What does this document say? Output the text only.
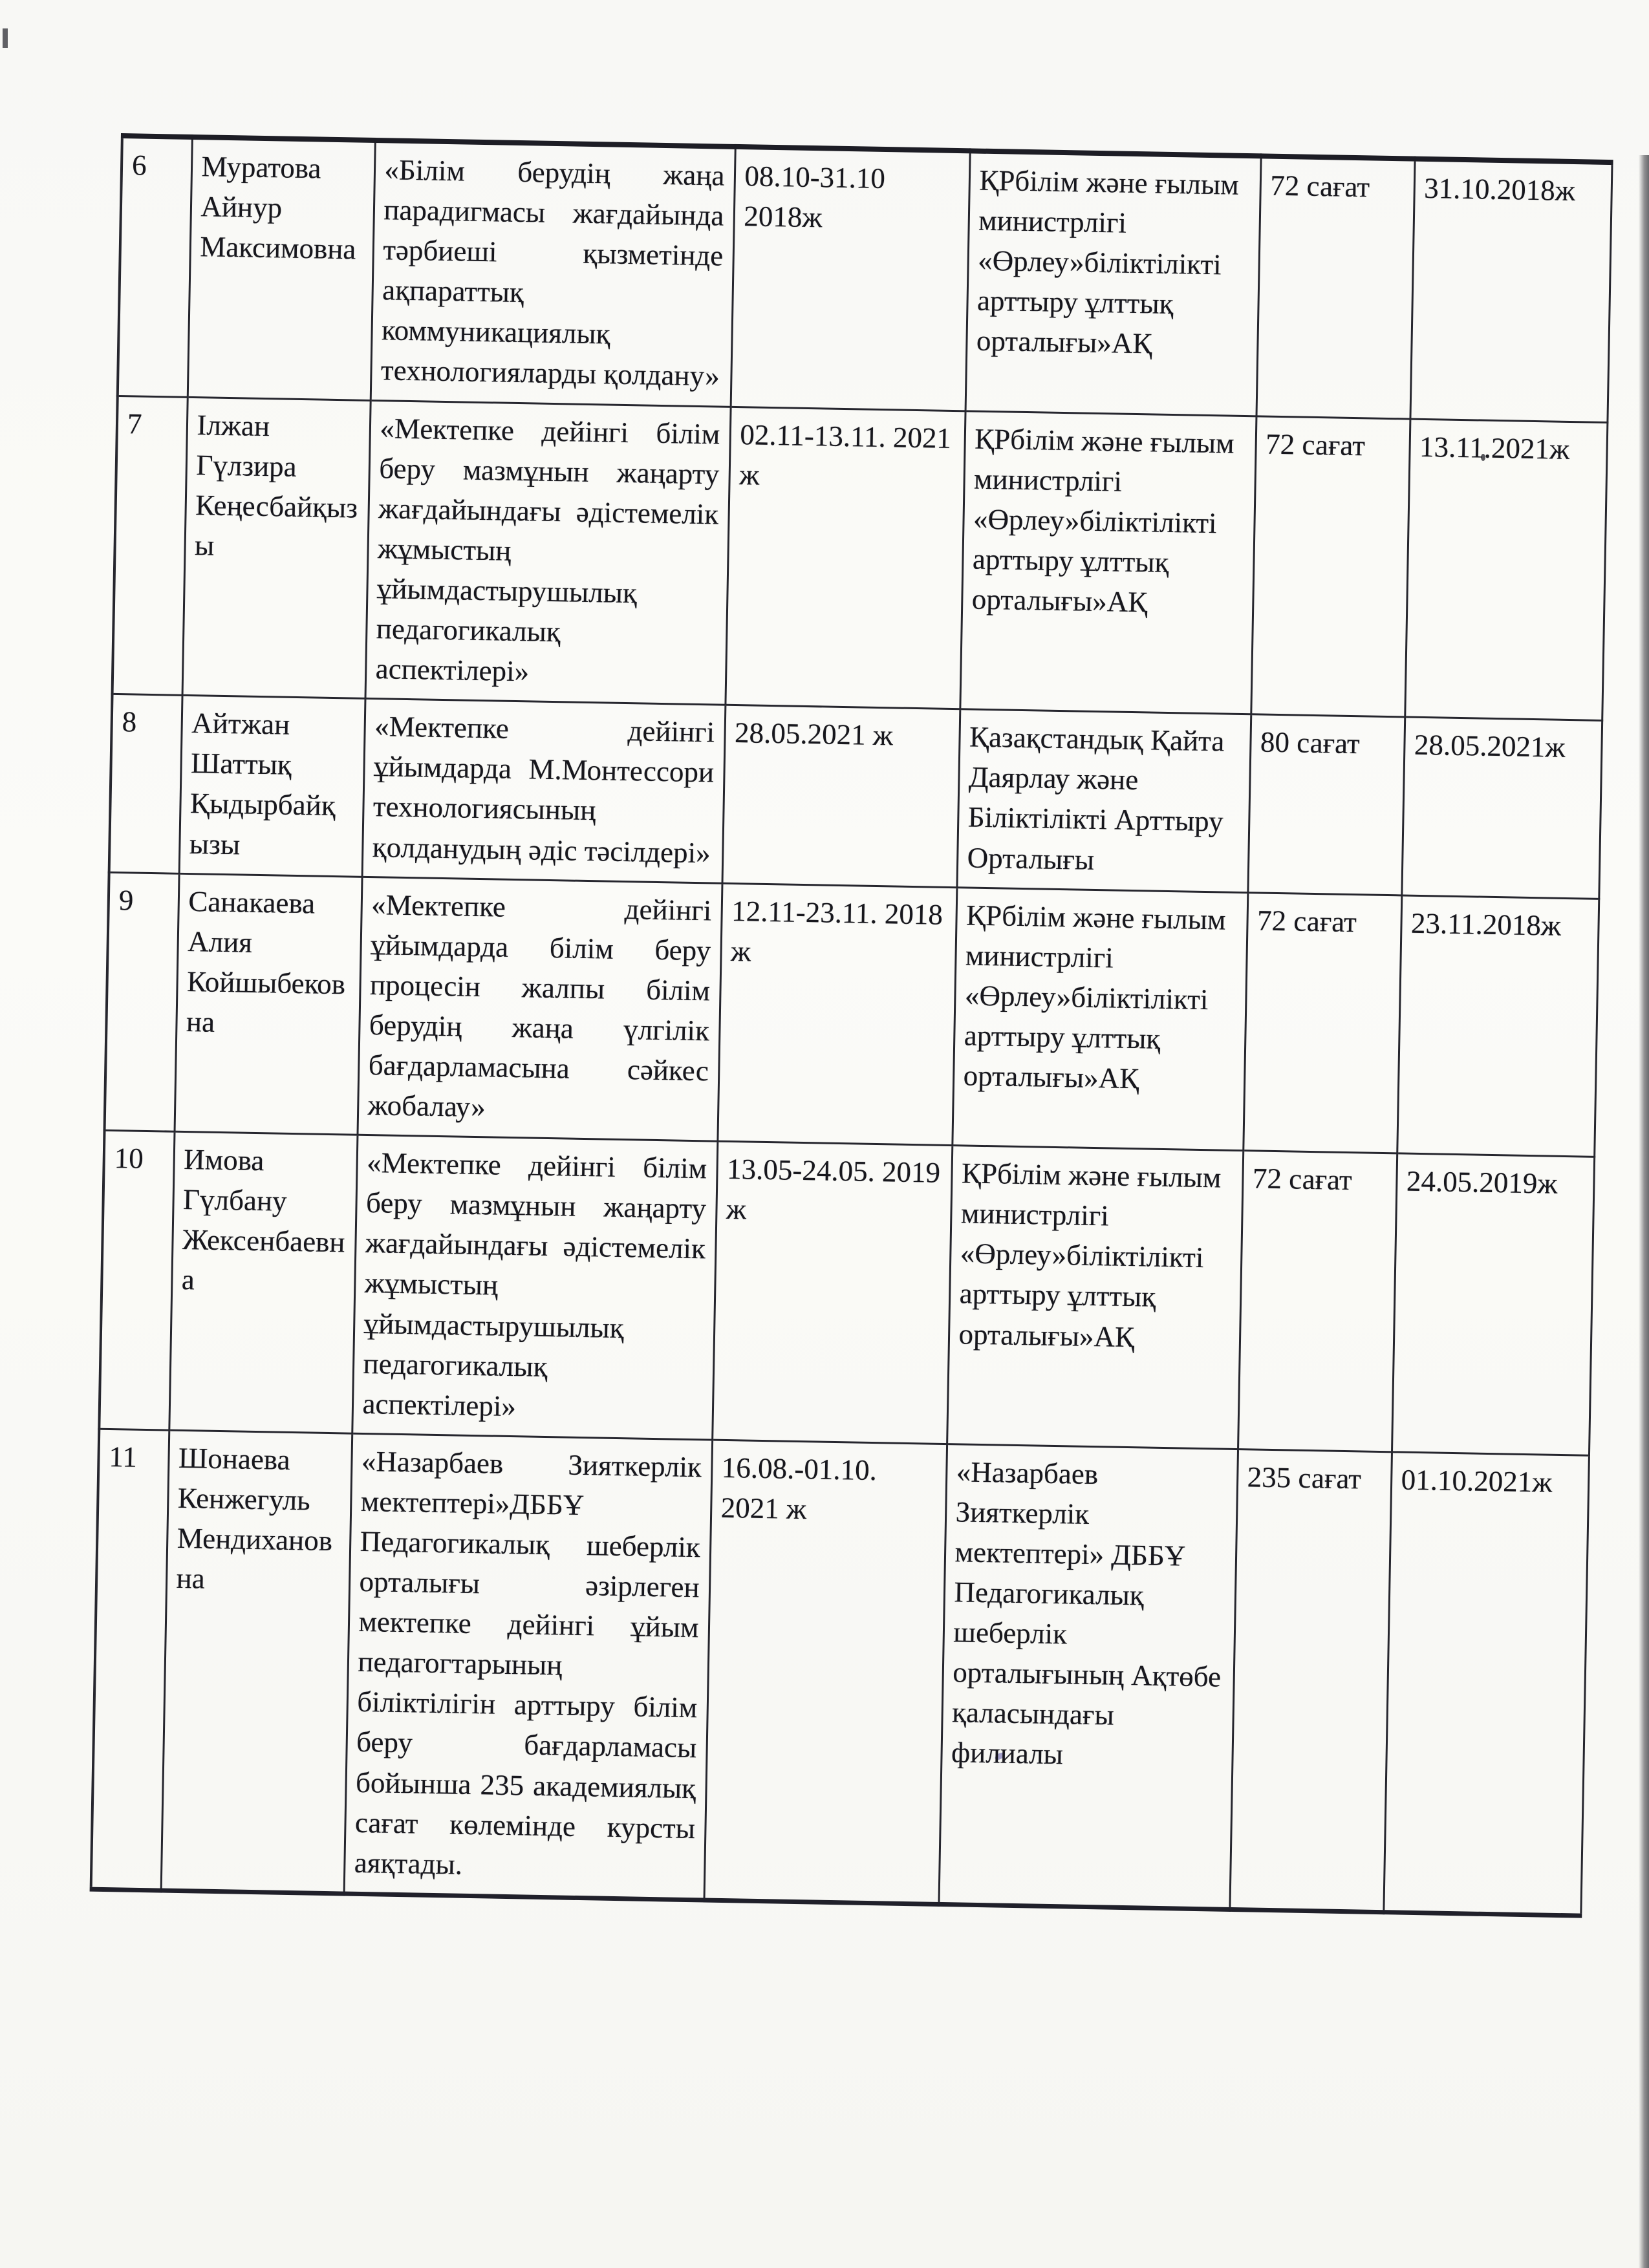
6	Муратова Айнур Максимовна	«Білім берудің жаңа парадигмасы жағдайында тәрбиеші қызметінде ақпараттық коммуникациялық технологияларды қолдану»	08.10-31.10 2018ж	ҚРбілім және ғылым министрлігі «Өрлеу»біліктілікті арттыру ұлттық орталығы»АҚ	72 сағат	31.10.2018ж
7	Ілжан Гүлзира Кеңесбайқызы	«Мектепке дейінгі білім беру мазмұнын жаңарту жағдайындағы әдістемелік жұмыстың ұйымдастырушылық педагогикалық аспектілері»	02.11-13.11. 2021 ж	ҚРбілім және ғылым министрлігі «Өрлеу»біліктілікті арттыру ұлттық орталығы»АҚ	72 сағат	13.11.2021ж
8	Айтжан Шаттық Қыдырбайқызы	«Мектепке дейінгі ұйымдарда М.Монтессори технологиясының қолданудың әдіс тәсілдері»	28.05.2021 ж	Қазақстандық Қайта Даярлау және Біліктілікті Арттыру Орталығы	80 сағат	28.05.2021ж
9	Санакаева Алия Койшыбековна	«Мектепке дейінгі ұйымдарда білім беру процесін жалпы білім берудің жаңа үлгілік бағдарламасына сәйкес жобалау»	12.11-23.11. 2018 ж	ҚРбілім және ғылым министрлігі «Өрлеу»біліктілікті арттыру ұлттық орталығы»АҚ	72 сағат	23.11.2018ж
10	Имова Гүлбану Жексенбаевна	«Мектепке дейінгі білім беру мазмұнын жаңарту жағдайындағы әдістемелік жұмыстың ұйымдастырушылық педагогикалық аспектілері»	13.05-24.05. 2019 ж	ҚРбілім және ғылым министрлігі «Өрлеу»біліктілікті арттыру ұлттық орталығы»АҚ	72 сағат	24.05.2019ж
11	Шонаева Кенжегуль Мендихановна	«Назарбаев Зияткерлік мектептері»ДББҰ Педагогикалық шеберлік орталығы әзірлеген мектепке дейінгі ұйым педагогтарының біліктілігін арттыру білім беру бағдарламасы бойынша 235 академиялық сағат көлемінде курсты аяқтады.	16.08.-01.10. 2021 ж	«Назарбаев Зияткерлік мектептері» ДББҰ Педагогикалық шеберлік орталығының Ақтөбе қаласындағы филиалы	235 сағат	01.10.2021ж
